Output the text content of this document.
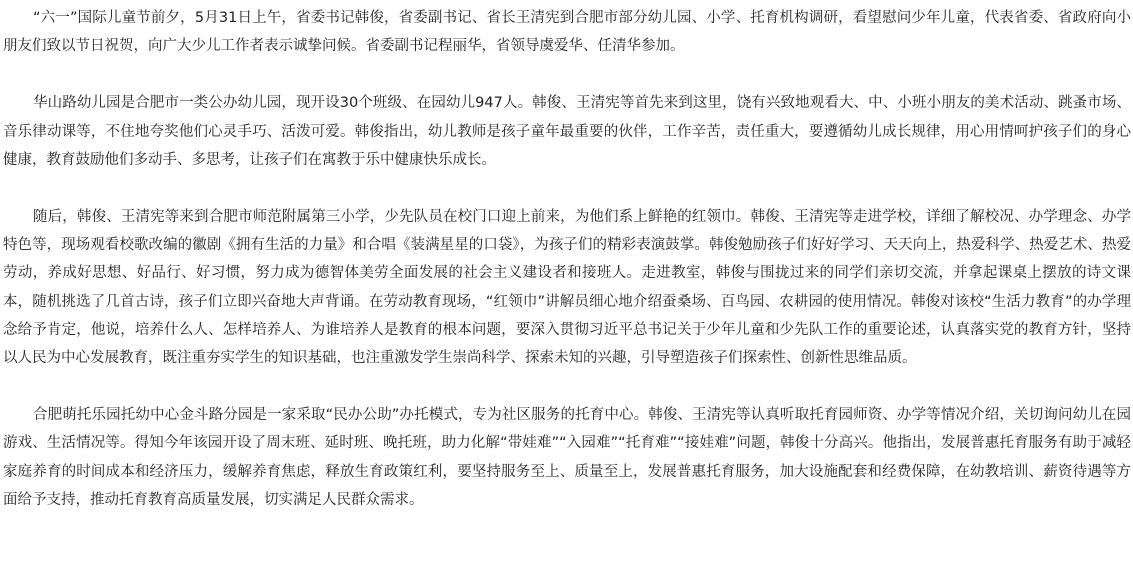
“六一”国际儿童节前夕，5月31日上午，省委书记韩俊，省委副书记、省长王清宪到合肥市部分幼儿园、小学、托育机构调研，看望慰问少年儿童，代表省委、省政府向小朋友们致以节日祝贺，向广大少儿工作者表示诚挚问候。省委副书记程丽华，省领导虞爱华、任清华参加。

华山路幼儿园是合肥市一类公办幼儿园，现开设30个班级、在园幼儿947人。韩俊、王清宪等首先来到这里，饶有兴致地观看大、中、小班小朋友的美术活动、跳蚤市场、音乐律动课等，不住地夸奖他们心灵手巧、活泼可爱。韩俊指出，幼儿教师是孩子童年最重要的伙伴，工作辛苦，责任重大，要遵循幼儿成长规律，用心用情呵护孩子们的身心健康，教育鼓励他们多动手、多思考，让孩子们在寓教于乐中健康快乐成长。

随后，韩俊、王清宪等来到合肥市师范附属第三小学，少先队员在校门口迎上前来，为他们系上鲜艳的红领巾。韩俊、王清宪等走进学校，详细了解校况、办学理念、办学特色等，现场观看校歌改编的徽剧《拥有生活的力量》和合唱《装满星星的口袋》，为孩子们的精彩表演鼓掌。韩俊勉励孩子们好好学习、天天向上，热爱科学、热爱艺术、热爱劳动，养成好思想、好品行、好习惯，努力成为德智体美劳全面发展的社会主义建设者和接班人。走进教室，韩俊与围拢过来的同学们亲切交流，并拿起课桌上摆放的诗文课本，随机挑选了几首古诗，孩子们立即兴奋地大声背诵。在劳动教育现场，“红领巾”讲解员细心地介绍蚕桑场、百鸟园、农耕园的使用情况。韩俊对该校“生活力教育”的办学理念给予肯定，他说，培养什么人、怎样培养人、为谁培养人是教育的根本问题，要深入贯彻习近平总书记关于少年儿童和少先队工作的重要论述，认真落实党的教育方针，坚持以人民为中心发展教育，既注重夯实学生的知识基础，也注重激发学生崇尚科学、探索未知的兴趣，引导塑造孩子们探索性、创新性思维品质。

合肥萌托乐园托幼中心金斗路分园是一家采取“民办公助”办托模式，专为社区服务的托育中心。韩俊、王清宪等认真听取托育园师资、办学等情况介绍，关切询问幼儿在园游戏、生活情况等。得知今年该园开设了周末班、延时班、晚托班，助力化解“带娃难”“入园难”“托育难”“接娃难”问题，韩俊十分高兴。他指出，发展普惠托育服务有助于减轻家庭养育的时间成本和经济压力，缓解养育焦虑，释放生育政策红利，要坚持服务至上、质量至上，发展普惠托育服务，加大设施配套和经费保障，在幼教培训、薪资待遇等方面给予支持，推动托育教育高质量发展，切实满足人民群众需求。
